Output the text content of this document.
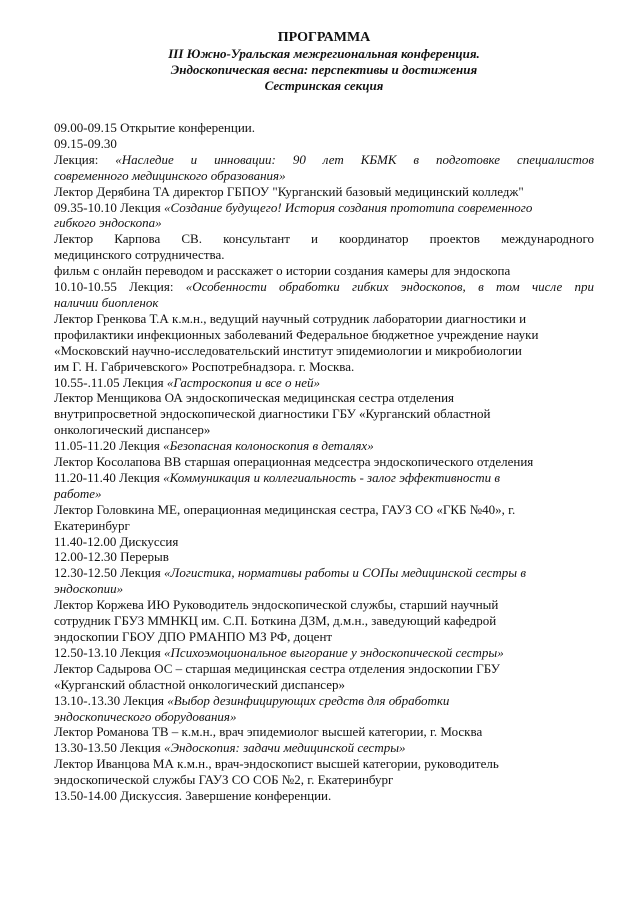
ПРОГРАММА
III Южно-Уральская межрегиональная конференция.
Эндоскопическая весна: перспективы и достижения
Сестринская секция
09.00-09.15 Открытие конференции.
09.15-09.30
Лекция: «Наследие и инновации: 90 лет КБМК в подготовке специалистов
современного медицинского образования»
Лектор Дерябина ТА директор ГБПОУ "Курганский базовый медицинский колледж"
09.35-10.10 Лекция «Создание будущего! История создания прототипа современного
гибкого эндоскопа»
Лектор Карпова СВ. консультант и координатор проектов международного
медицинского сотрудничества.
фильм с онлайн переводом и расскажет о истории создания камеры для эндоскопа
10.10-10.55 Лекция: «Особенности обработки гибких эндоскопов, в том числе при
наличии биопленок
Лектор Гренкова Т.А к.м.н., ведущий научный сотрудник лаборатории диагностики и
профилактики инфекционных заболеваний Федеральное бюджетное учреждение науки
«Московский научно-исследовательский институт эпидемиологии и микробиологии
им Г. Н. Габричевского» Роспотребнадзора. г. Москва.
10.55-.11.05 Лекция «Гастроскопия и все о ней»
Лектор Менщикова ОА эндоскопическая медицинская сестра отделения
внутрипросветной эндоскопической диагностики ГБУ «Курганский областной
онкологический диспансер»
11.05-11.20 Лекция «Безопасная колоноскопия в деталях»
Лектор Косолапова ВВ старшая операционная медсестра эндоскопического отделения
11.20-11.40 Лекция «Коммуникация и коллегиальность - залог эффективности в
работе»
Лектор Головкина МЕ, операционная медицинская сестра, ГАУЗ СО «ГКБ №40», г.
Екатеринбург
11.40-12.00 Дискуссия
12.00-12.30 Перерыв
12.30-12.50 Лекция «Логистика, нормативы работы и СОПы медицинской сестры в
эндоскопии»
Лектор Коржева ИЮ Руководитель эндоскопической службы, старший научный
сотрудник ГБУЗ ММНКЦ им. С.П. Боткина ДЗМ, д.м.н., заведующий кафедрой
эндоскопии ГБОУ ДПО РМАНПО МЗ РФ, доцент
12.50-13.10 Лекция «Психоэмоциональное выгорание у эндоскопической сестры»
Лектор Садырова ОС – старшая медицинская сестра отделения эндоскопии ГБУ
«Курганский областной онкологический диспансер»
13.10-.13.30 Лекция «Выбор дезинфицирующих средств для обработки
эндоскопического оборудования»
Лектор Романова ТВ – к.м.н., врач эпидемиолог высшей категории, г. Москва
13.30-13.50 Лекция «Эндоскопия: задачи медицинской сестры»
Лектор Иванцова МА к.м.н., врач-эндоскопист высшей категории, руководитель
эндоскопической службы ГАУЗ СО СОБ №2, г. Екатеринбург
13.50-14.00 Дискуссия. Завершение конференции.
